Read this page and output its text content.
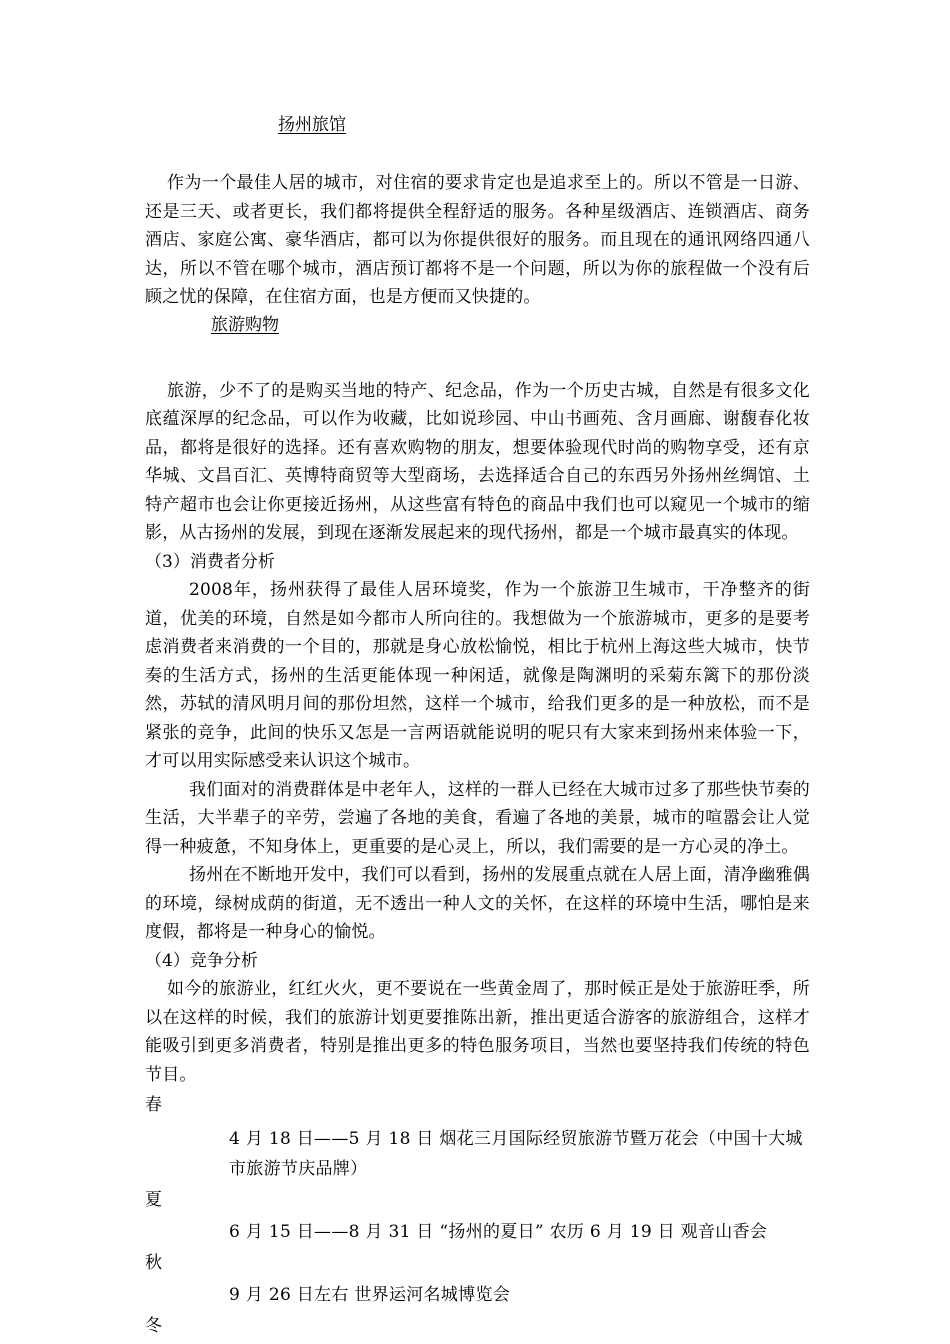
扬州旅馆

作为一个最佳人居的城市，对住宿的要求肯定也是追求至上的。所以不管是一日游、还是三天、或者更长，我们都将提供全程舒适的服务。各种星级酒店、连锁酒店、商务酒店、家庭公寓、豪华酒店，都可以为你提供很好的服务。而且现在的通讯网络四通八达，所以不管在哪个城市，酒店预订都将不是一个问题，所以为你的旅程做一个没有后顾之忧的保障，在住宿方面，也是方便而又快捷的。

旅游购物

旅游，少不了的是购买当地的特产、纪念品，作为一个历史古城，自然是有很多文化底蕴深厚的纪念品，可以作为收藏，比如说珍园、中山书画苑、含月画廊、谢馥春化妆品，都将是很好的选择。还有喜欢购物的朋友，想要体验现代时尚的购物享受，还有京华城、文昌百汇、英博特商贸等大型商场，去选择适合自己的东西另外扬州丝绸馆、土特产超市也会让你更接近扬州，从这些富有特色的商品中我们也可以窥见一个城市的缩影，从古扬州的发展，到现在逐渐发展起来的现代扬州，都是一个城市最真实的体现。

（3）消费者分析

2008年，扬州获得了最佳人居环境奖，作为一个旅游卫生城市，干净整齐的街道，优美的环境，自然是如今都市人所向往的。我想做为一个旅游城市，更多的是要考虑消费者来消费的一个目的，那就是身心放松愉悦，相比于杭州上海这些大城市，快节奏的生活方式，扬州的生活更能体现一种闲适，就像是陶渊明的采菊东篱下的那份淡然，苏轼的清风明月间的那份坦然，这样一个城市，给我们更多的是一种放松，而不是紧张的竞争，此间的快乐又怎是一言两语就能说明的呢只有大家来到扬州来体验一下，才可以用实际感受来认识这个城市。

我们面对的消费群体是中老年人，这样的一群人已经在大城市过多了那些快节奏的生活，大半辈子的辛劳，尝遍了各地的美食，看遍了各地的美景，城市的喧嚣会让人觉得一种疲惫，不知身体上，更重要的是心灵上，所以，我们需要的是一方心灵的净土。

扬州在不断地开发中，我们可以看到，扬州的发展重点就在人居上面，清净幽雅偶的环境，绿树成荫的街道，无不透出一种人文的关怀，在这样的环境中生活，哪怕是来度假，都将是一种身心的愉悦。

（4）竞争分析

如今的旅游业，红红火火，更不要说在一些黄金周了，那时候正是处于旅游旺季，所以在这样的时候，我们的旅游计划更要推陈出新，推出更适合游客的旅游组合，这样才能吸引到更多消费者，特别是推出更多的特色服务项目，当然也要坚持我们传统的特色节目。

春

4 月 18 日——5 月 18 日 烟花三月国际经贸旅游节暨万花会（中国十大城市旅游节庆品牌）

夏

6 月 15 日——8 月 31 日 “扬州的夏日” 农历 6 月 19 日 观音山香会

秋

9 月 26 日左右 世界运河名城博览会

冬
